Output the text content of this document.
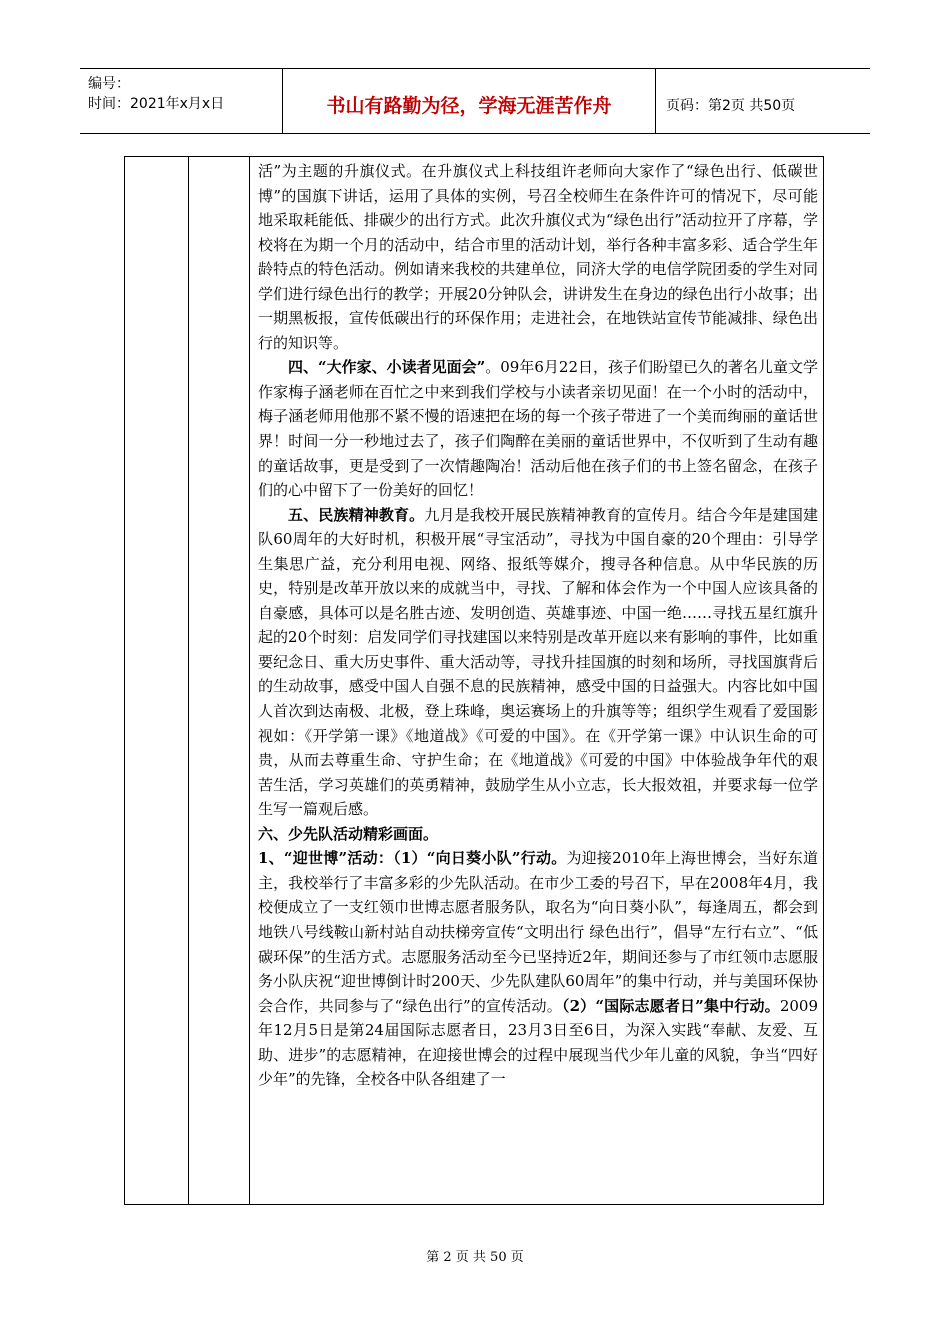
编号：
时间：2021年x月x日	书山有路勤为径，学海无涯苦作舟	页码：第2页 共50页

活”为主题的升旗仪式。在升旗仪式上科技组许老师向大家作了“绿色出行、低碳世博”的国旗下讲话，运用了具体的实例，号召全校师生在条件许可的情况下，尽可能地采取耗能低、排碳少的出行方式。此次升旗仪式为“绿色出行”活动拉开了序幕，学校将在为期一个月的活动中，结合市里的活动计划，举行各种丰富多彩、适合学生年龄特点的特色活动。例如请来我校的共建单位，同济大学的电信学院团委的学生对同学们进行绿色出行的教学；开展20分钟队会，讲讲发生在身边的绿色出行小故事；出一期黑板报，宣传低碳出行的环保作用；走进社会，在地铁站宣传节能减排、绿色出行的知识等。

四、“大作家、小读者见面会”。09年6月22日，孩子们盼望已久的著名儿童文学作家梅子涵老师在百忙之中来到我们学校与小读者亲切见面！在一个小时的活动中，梅子涵老师用他那不紧不慢的语速把在场的每一个孩子带进了一个美而绚丽的童话世界！时间一分一秒地过去了，孩子们陶醉在美丽的童话世界中，不仅听到了生动有趣的童话故事，更是受到了一次情趣陶冶！活动后他在孩子们的书上签名留念，在孩子们的心中留下了一份美好的回忆！

五、民族精神教育。九月是我校开展民族精神教育的宣传月。结合今年是建国建队60周年的大好时机，积极开展“寻宝活动”，寻找为中国自豪的20个理由：引导学生集思广益，充分利用电视、网络、报纸等媒介，搜寻各种信息。从中华民族的历史，特别是改革开放以来的成就当中，寻找、了解和体会作为一个中国人应该具备的自豪感，具体可以是名胜古迹、发明创造、英雄事迹、中国一绝……寻找五星红旗升起的20个时刻：启发同学们寻找建国以来特别是改革开庭以来有影响的事件，比如重要纪念日、重大历史事件、重大活动等，寻找升挂国旗的时刻和场所，寻找国旗背后的生动故事，感受中国人自强不息的民族精神，感受中国的日益强大。内容比如中国人首次到达南极、北极，登上珠峰，奥运赛场上的升旗等等；组织学生观看了爱国影视如：《开学第一课》《地道战》《可爱的中国》。在《开学第一课》中认识生命的可贵，从而去尊重生命、守护生命；在《地道战》《可爱的中国》中体验战争年代的艰苦生活，学习英雄们的英勇精神，鼓励学生从小立志，长大报效祖，并要求每一位学生写一篇观后感。

六、少先队活动精彩画面。

1、“迎世博”活动：（1）“向日葵小队”行动。为迎接2010年上海世博会，当好东道主，我校举行了丰富多彩的少先队活动。在市少工委的号召下，早在2008年4月，我校便成立了一支红领巾世博志愿者服务队，取名为“向日葵小队”，每逢周五，都会到地铁八号线鞍山新村站自动扶梯旁宣传“文明出行 绿色出行”，倡导“左行右立”、“低碳环保”的生活方式。志愿服务活动至今已坚持近2年，期间还参与了市红领巾志愿服务小队庆祝“迎世博倒计时200天、少先队建队60周年”的集中行动，并与美国环保协会合作，共同参与了“绿色出行”的宣传活动。（2）“国际志愿者日”集中行动。2009年12月5日是第24届国际志愿者日，23月3日至6日，为深入实践“奉献、友爱、互助、进步”的志愿精神，在迎接世博会的过程中展现当代少年儿童的风貌，争当“四好少年”的先锋，全校各中队各组建了一

第 2 页 共 50 页
